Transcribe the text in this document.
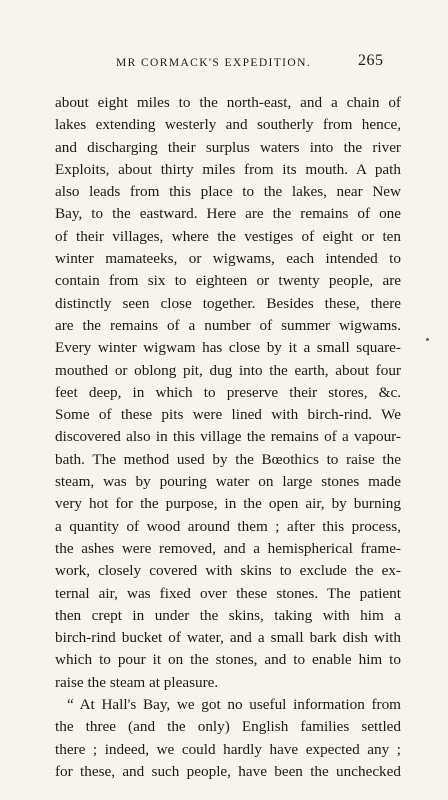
MR CORMACK'S EXPEDITION.	265
about eight miles to the north-east, and a chain of
lakes extending westerly and southerly from hence,
and discharging their surplus waters into the river
Exploits, about thirty miles from its mouth. A path
also leads from this place to the lakes, near New
Bay, to the eastward. Here are the remains of one
of their villages, where the vestiges of eight or ten
winter mamateeks, or wigwams, each intended to
contain from six to eighteen or twenty people, are
distinctly seen close together. Besides these, there
are the remains of a number of summer wigwams.
Every winter wigwam has close by it a small square-
mouthed or oblong pit, dug into the earth, about four
feet deep, in which to preserve their stores, &c.
Some of these pits were lined with birch-rind. We
discovered also in this village the remains of a vapour-
bath. The method used by the Bœothics to raise the
steam, was by pouring water on large stones made
very hot for the purpose, in the open air, by burning
a quantity of wood around them ; after this process,
the ashes were removed, and a hemispherical frame-
work, closely covered with skins to exclude the ex-
ternal air, was fixed over these stones. The patient
then crept in under the skins, taking with him a
birch-rind bucket of water, and a small bark dish with
which to pour it on the stones, and to enable him to
raise the steam at pleasure.
“ At Hall's Bay, we got no useful information from
the three (and the only) English families settled
there ; indeed, we could hardly have expected any ;
for these, and such people, have been the unchecked
